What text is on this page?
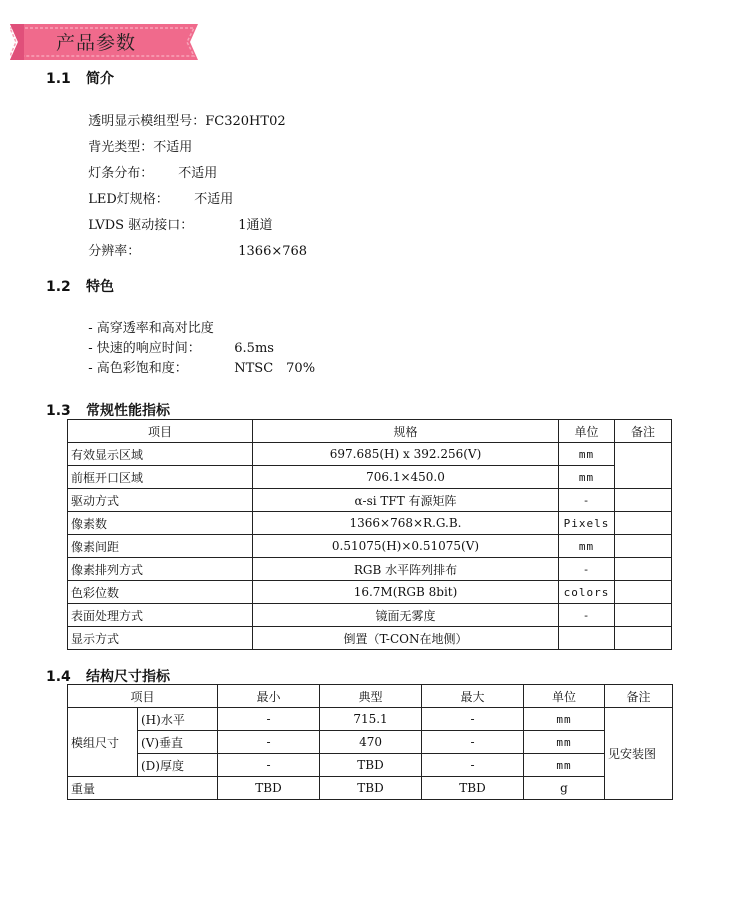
产品参数
1.1 简介

透明显示模组型号：FC320HT02

背光类型：不适用

灯条分布： 不适用

LED灯规格： 不适用

LVDS 驱动接口：	1通道

分辨率：	1366×768

1.2 特色

- 高穿透率和高对比度

- 快速的响应时间：	6.5ms

- 高色彩饱和度：	NTSC　70%

1.3 常规性能指标
项目	规格	单位	备注
有效显示区域	697.685(H) x 392.256(V)	mm	
前框开口区域	706.1×450.0	mm	
驱动方式	α-si TFT 有源矩阵	-	
像素数	1366×768×R.G.B.	Pixels	
像素间距	0.51075(H)×0.51075(V)	mm	
像素排列方式	RGB 水平阵列排布	-	
色彩位数	16.7M(RGB 8bit)	colors	
表面处理方式	镜面无雾度	-	
显示方式	倒置（T-CON在地侧）		
1.4 结构尺寸指标
项目		最小	典型	最大	单位	备注
模组尺寸	(H)水平	-	715.1	-	mm	见安装图
	(V)垂直	-	470	-	mm	
	(D)厚度	-	TBD	-	mm	
重量		TBD	TBD	TBD	g	
